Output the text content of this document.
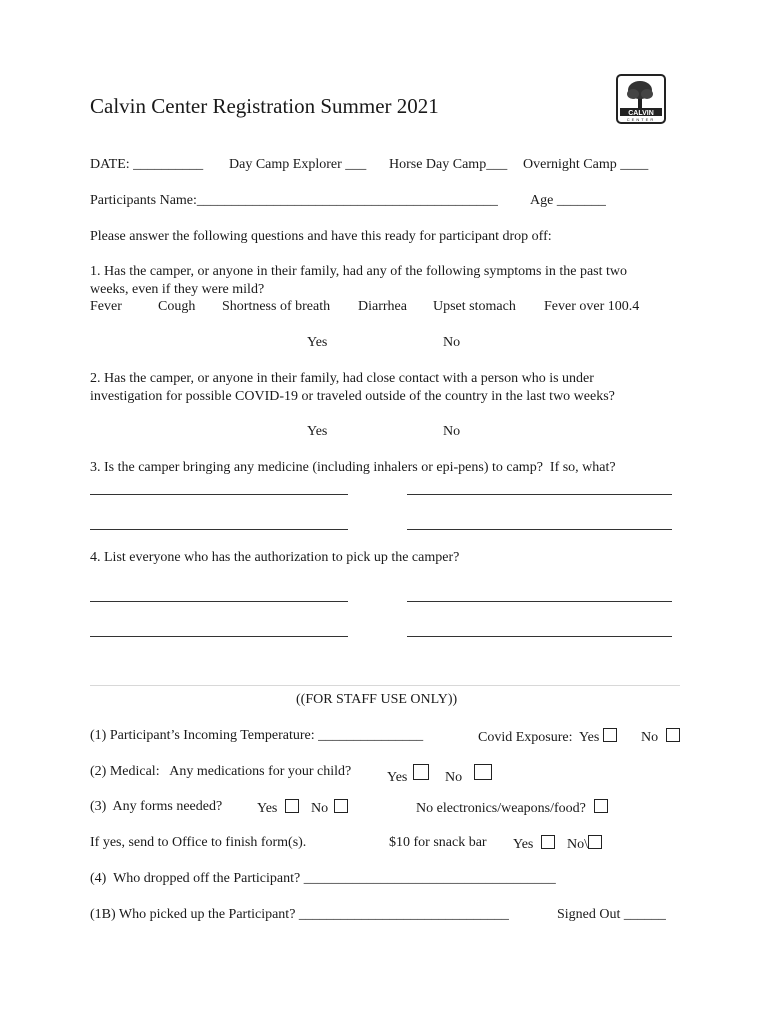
Calvin Center Registration Summer 2021	CALVIN
CENTER
DATE: __________ Day Camp Explorer ___ Horse Day Camp___ Overnight Camp ____
Participants Name:___________________________________________ Age _______
Please answer the following questions and have this ready for participant drop off:
1. Has the camper, or anyone in their family, had any of the following symptoms in the past two
weeks, even if they were mild?
Fever	Cough Shortness of breath Diarrhea Upset stomach Fever over 100.4
Yes	No
2. Has the camper, or anyone in their family, had close contact with a person who is under
investigation for possible COVID-19 or traveled outside of the country in the last two weeks?
Yes	No
3. Is the camper bringing any medicine (including inhalers or epi-pens) to camp?  If so, what?
4. List everyone who has the authorization to pick up the camper?
((FOR STAFF USE ONLY))
(1) Participant’s Incoming Temperature: _______________	Covid Exposure:  Yes	No
(2) Medical:   Any medications for your child?	Yes	No
(3)  Any forms needed? Yes	No	No electronics/weapons/food?
If yes, send to Office to finish form(s).	$10 for snack bar Yes	No\
(4)  Who dropped off the Participant? ____________________________________
(1B) Who picked up the Participant? ______________________________	Signed Out ______
